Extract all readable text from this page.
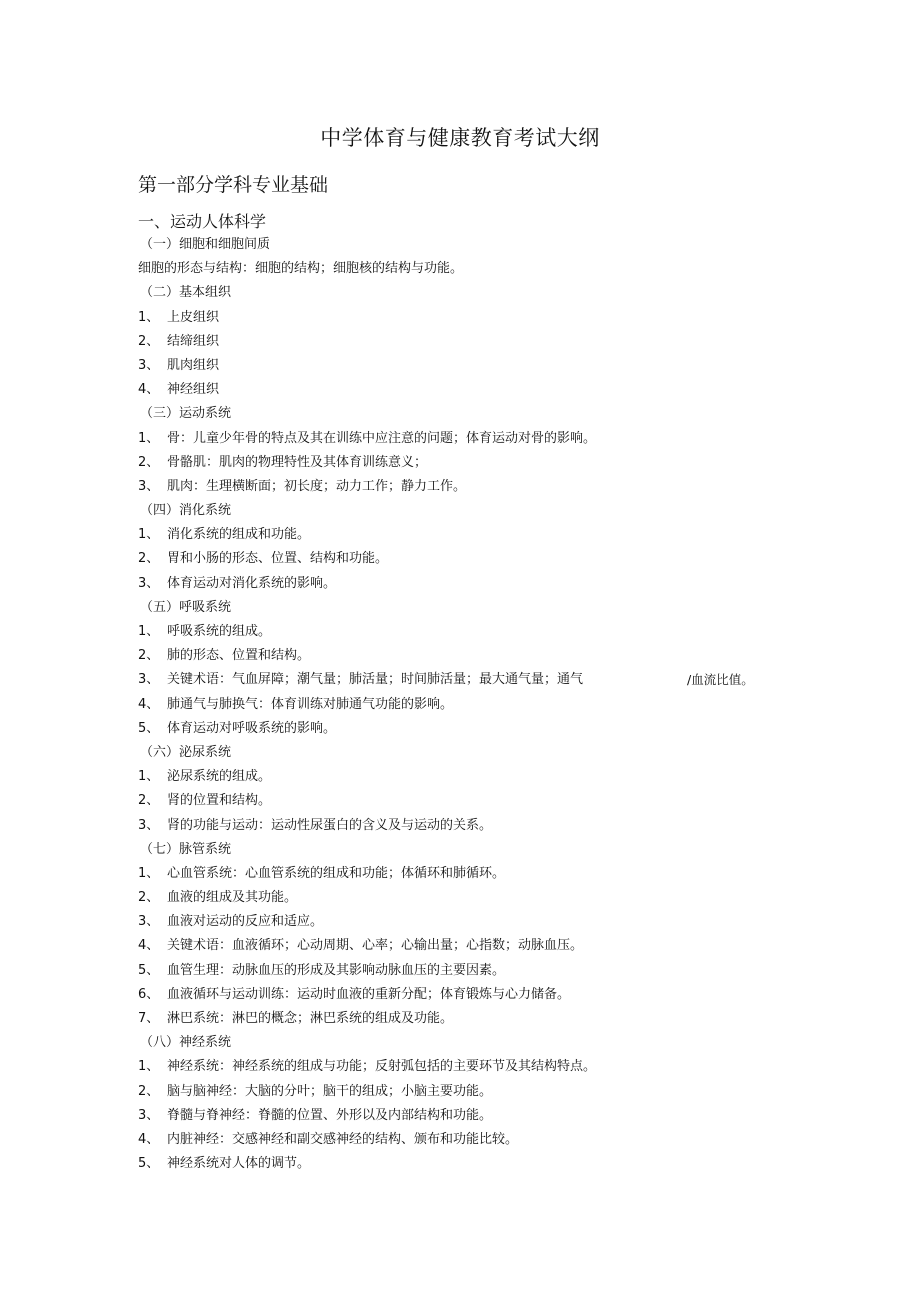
中学体育与健康教育考试大纲
第一部分学科专业基础
一、运动人体科学
（一）细胞和细胞间质
细胞的形态与结构：细胞的结构；细胞核的结构与功能。
（二）基本组织
1、 上皮组织
2、 结缔组织
3、 肌肉组织
4、 神经组织
（三）运动系统
1、 骨：儿童少年骨的特点及其在训练中应注意的问题；体育运动对骨的影响。
2、 骨骼肌：肌肉的物理特性及其体育训练意义；
3、 肌肉：生理横断面；初长度；动力工作；静力工作。
（四）消化系统
1、 消化系统的组成和功能。
2、 胃和小肠的形态、位置、结构和功能。
3、 体育运动对消化系统的影响。
（五）呼吸系统
1、 呼吸系统的组成。
2、 肺的形态、位置和结构。
3、 关键术语：气血屏障；潮气量；肺活量；时间肺活量；最大通气量；通气	/血流比值。
4、 肺通气与肺换气：体育训练对肺通气功能的影响。
5、 体育运动对呼吸系统的影响。
（六）泌尿系统
1、 泌尿系统的组成。
2、 肾的位置和结构。
3、 肾的功能与运动：运动性尿蛋白的含义及与运动的关系。
（七）脉管系统
1、 心血管系统：心血管系统的组成和功能；体循环和肺循环。
2、 血液的组成及其功能。
3、 血液对运动的反应和适应。
4、 关键术语：血液循环；心动周期、心率；心输出量；心指数；动脉血压。
5、 血管生理：动脉血压的形成及其影响动脉血压的主要因素。
6、 血液循环与运动训练：运动时血液的重新分配；体育锻炼与心力储备。
7、 淋巴系统：淋巴的概念；淋巴系统的组成及功能。
（八）神经系统
1、 神经系统：神经系统的组成与功能；反射弧包括的主要环节及其结构特点。
2、 脑与脑神经：大脑的分叶；脑干的组成；小脑主要功能。
3、 脊髓与脊神经：脊髓的位置、外形以及内部结构和功能。
4、 内脏神经：交感神经和副交感神经的结构、颁布和功能比较。
5、 神经系统对人体的调节。
